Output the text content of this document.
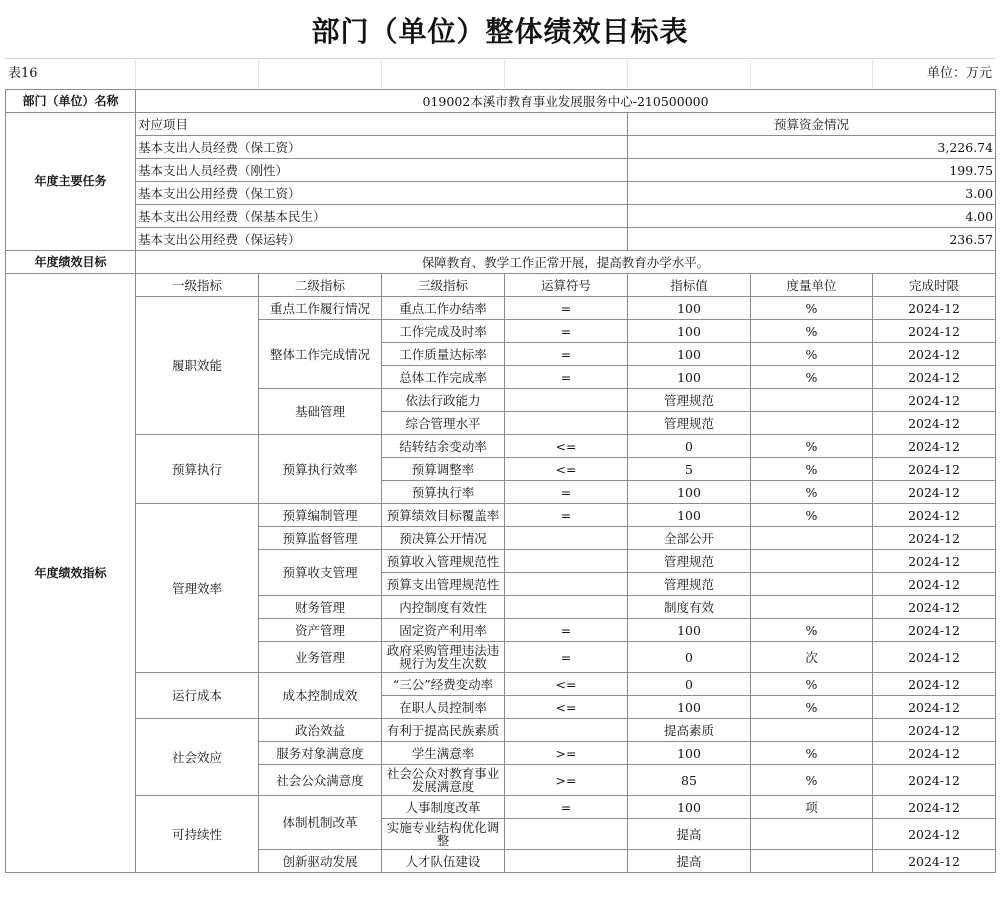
部门（单位）整体绩效目标表
表16	单位：万元
部门（单位）名称	019002本溪市教育事业发展服务中心-210500000						
年度主要任务	对应项目				预算资金情况		
	基本支出人员经费（保工资）				3,226.74		
	基本支出人员经费（刚性）				199.75		
	基本支出公用经费（保工资）				3.00		
	基本支出公用经费（保基本民生）				4.00		
	基本支出公用经费（保运转）				236.57		
年度绩效目标	保障教育、教学工作正常开展，提高教育办学水平。						
年度绩效指标	一级指标	二级指标	三级指标	运算符号	指标值	度量单位	完成时限
	履职效能	重点工作履行情况	重点工作办结率	=	100	%	2024-12
		整体工作完成情况	工作完成及时率	=	100	%	2024-12
			工作质量达标率	=	100	%	2024-12
			总体工作完成率	=	100	%	2024-12
		基础管理	依法行政能力		管理规范		2024-12
			综合管理水平		管理规范		2024-12
	预算执行	预算执行效率	结转结余变动率	<=	0	%	2024-12
			预算调整率	<=	5	%	2024-12
			预算执行率	=	100	%	2024-12
	管理效率	预算编制管理	预算绩效目标覆盖率	=	100	%	2024-12
		预算监督管理	预决算公开情况		全部公开		2024-12
		预算收支管理	预算收入管理规范性		管理规范		2024-12
			预算支出管理规范性		管理规范		2024-12
		财务管理	内控制度有效性		制度有效		2024-12
		资产管理	固定资产利用率	=	100	%	2024-12
		业务管理	政府采购管理违法违规行为发生次数	=	0	次	2024-12
	运行成本	成本控制成效	“三公”经费变动率	<=	0	%	2024-12
			在职人员控制率	<=	100	%	2024-12
	社会效应	政治效益	有利于提高民族素质		提高素质		2024-12
		服务对象满意度	学生满意率	>=	100	%	2024-12
		社会公众满意度	社会公众对教育事业发展满意度	>=	85	%	2024-12
	可持续性	体制机制改革	人事制度改革	=	100	项	2024-12
			实施专业结构优化调整		提高		2024-12
		创新驱动发展	人才队伍建设		提高		2024-12
